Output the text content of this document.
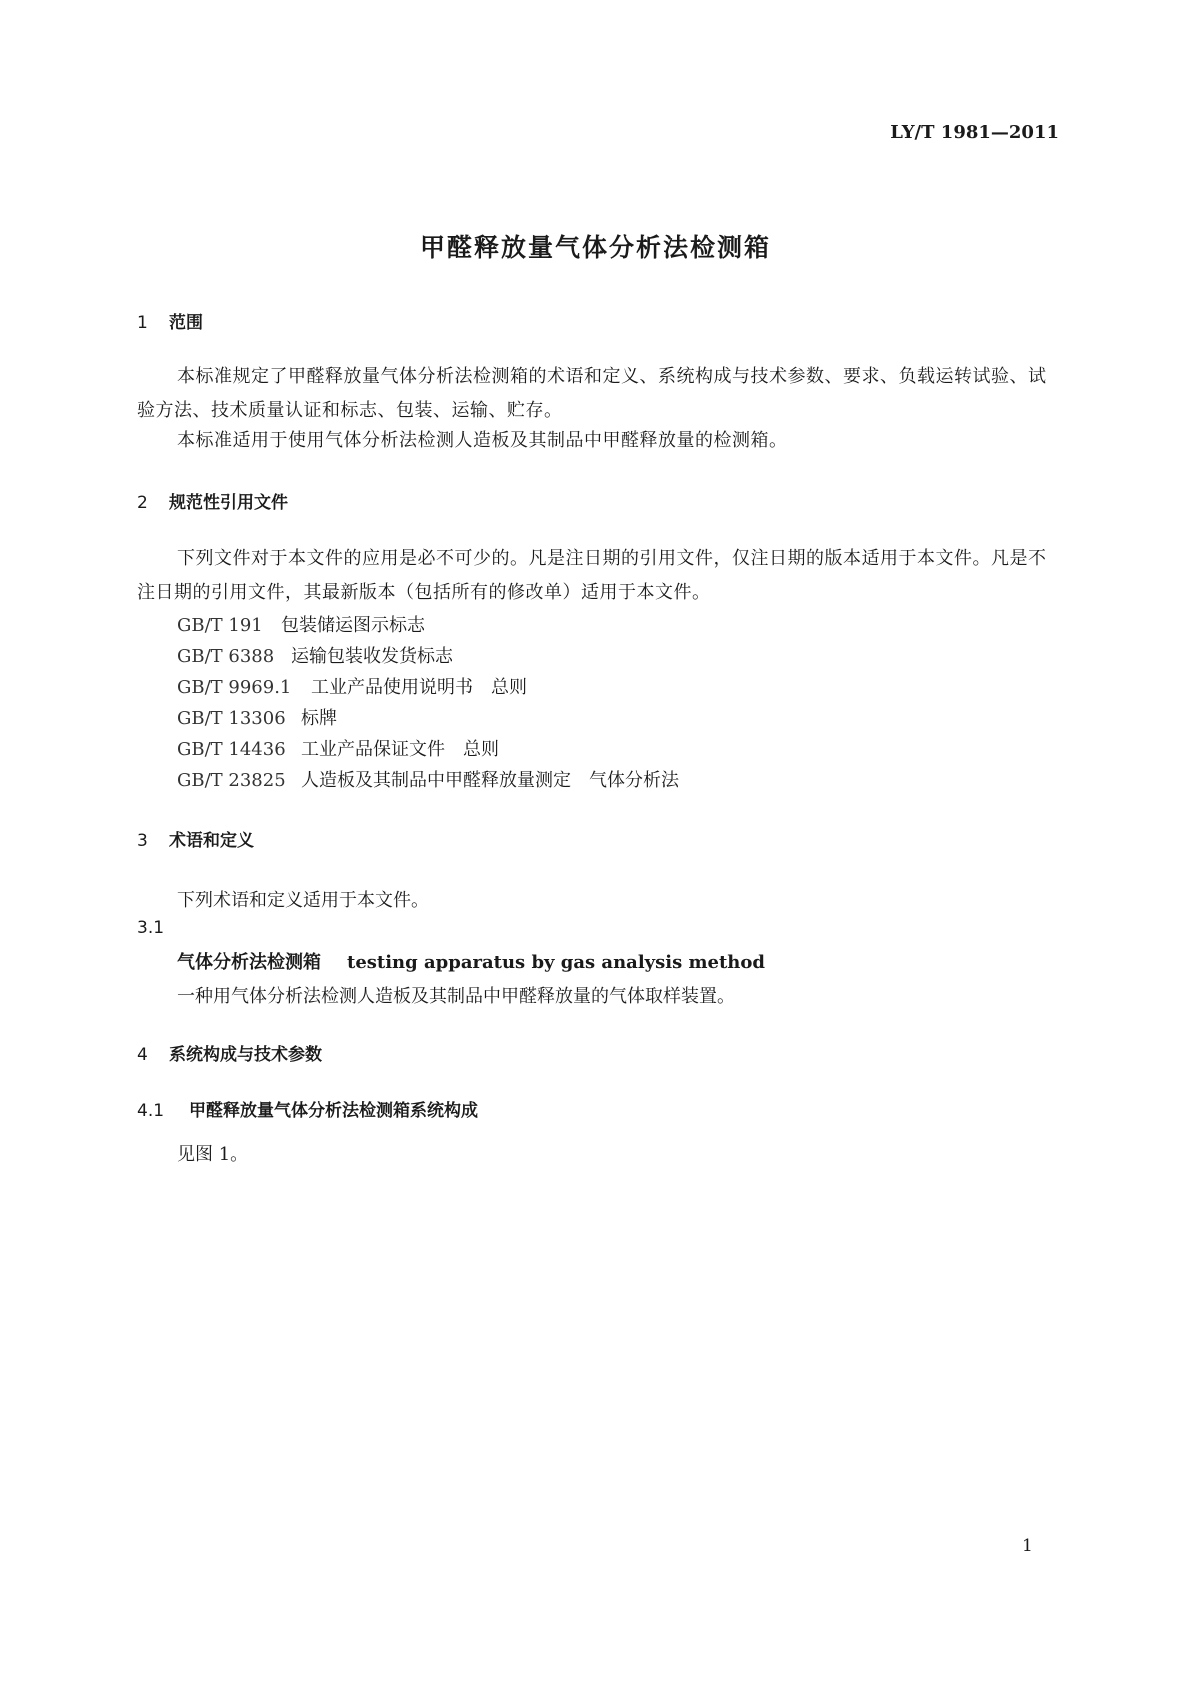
LY/T 1981—2011
甲醛释放量气体分析法检测箱
1 范围
本标准规定了甲醛释放量气体分析法检测箱的术语和定义、系统构成与技术参数、要求、负载运转试验、试验方法、技术质量认证和标志、包装、运输、贮存。
本标准适用于使用气体分析法检测人造板及其制品中甲醛释放量的检测箱。
2 规范性引用文件
下列文件对于本文件的应用是必不可少的。凡是注日期的引用文件，仅注日期的版本适用于本文件。凡是不注日期的引用文件，其最新版本（包括所有的修改单）适用于本文件。
GB/T 191 包装储运图示标志
GB/T 6388 运输包装收发货标志
GB/T 9969.1 工业产品使用说明书　总则
GB/T 13306 标牌
GB/T 14436 工业产品保证文件　总则
GB/T 23825 人造板及其制品中甲醛释放量测定　气体分析法
3 术语和定义
下列术语和定义适用于本文件。
3.1
气体分析法检测箱 testing apparatus by gas analysis method
一种用气体分析法检测人造板及其制品中甲醛释放量的气体取样装置。
4 系统构成与技术参数
4.1 甲醛释放量气体分析法检测箱系统构成
见图 1。
1
